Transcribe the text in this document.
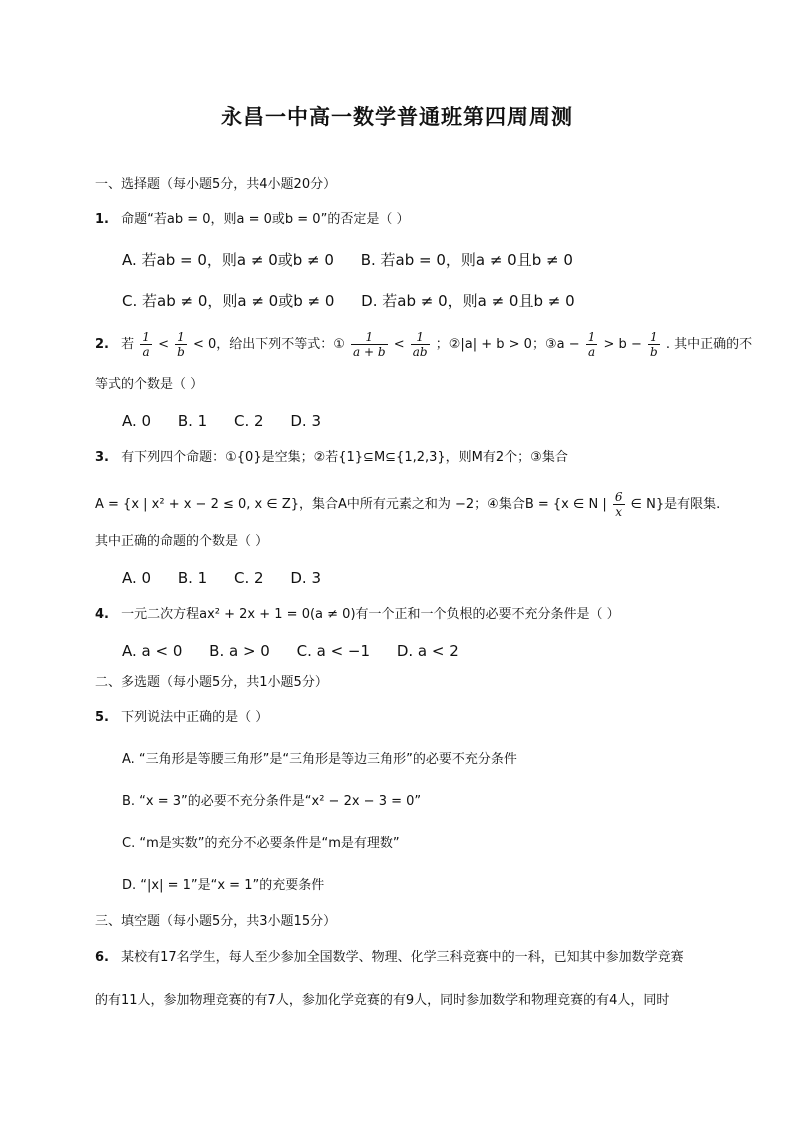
永昌一中高一数学普通班第四周周测
一、选择题（每小题5分，共4小题20分）
1. 命题“若ab = 0，则a = 0或b = 0”的否定是（ ）
A. 若ab = 0，则a ≠ 0或b ≠ 0 B. 若ab = 0，则a ≠ 0且b ≠ 0
C. 若ab ≠ 0，则a ≠ 0或b ≠ 0 D. 若ab ≠ 0，则a ≠ 0且b ≠ 0
2. 若 $\frac{1}{a} < \frac{1}{b} < 0$，给出下列不等式：① $\frac{1}{a + b} < \frac{1}{ab}$ ；②|a| + b > 0；③a − $\frac{1}{a} > b - \frac{1}{b}$ . 其中正确的不
等式的个数是（ ）
A. 0 B. 1 C. 2 D. 3
3. 有下列四个命题：①{0}是空集；②若{1}⊆M⊆{1,2,3}，则M有2个；③集合
A = {x | x² + x − 2 ≤ 0, x ∈ Z}，集合A中所有元素之和为 −2；④集合B = {x ∈ N | $\frac{6}{x}$ ∈ N}是有限集.
其中正确的命题的个数是（ ）
A. 0 B. 1 C. 2 D. 3
4. 一元二次方程ax² + 2x + 1 = 0(a ≠ 0)有一个正和一个负根的必要不充分条件是（ ）
A. a < 0 B. a > 0 C. a < −1 D. a < 2
二、多选题（每小题5分，共1小题5分）
5. 下列说法中正确的是（ ）
A. “三角形是等腰三角形”是“三角形是等边三角形”的必要不充分条件
B. “x = 3”的必要不充分条件是“x² − 2x − 3 = 0”
C. “m是实数”的充分不必要条件是“m是有理数”
D. “|x| = 1”是“x = 1”的充要条件
三、填空题（每小题5分，共3小题15分）
6. 某校有17名学生，每人至少参加全国数学、物理、化学三科竞赛中的一科，已知其中参加数学竞赛
的有11人，参加物理竞赛的有7人，参加化学竞赛的有9人，同时参加数学和物理竞赛的有4人，同时
